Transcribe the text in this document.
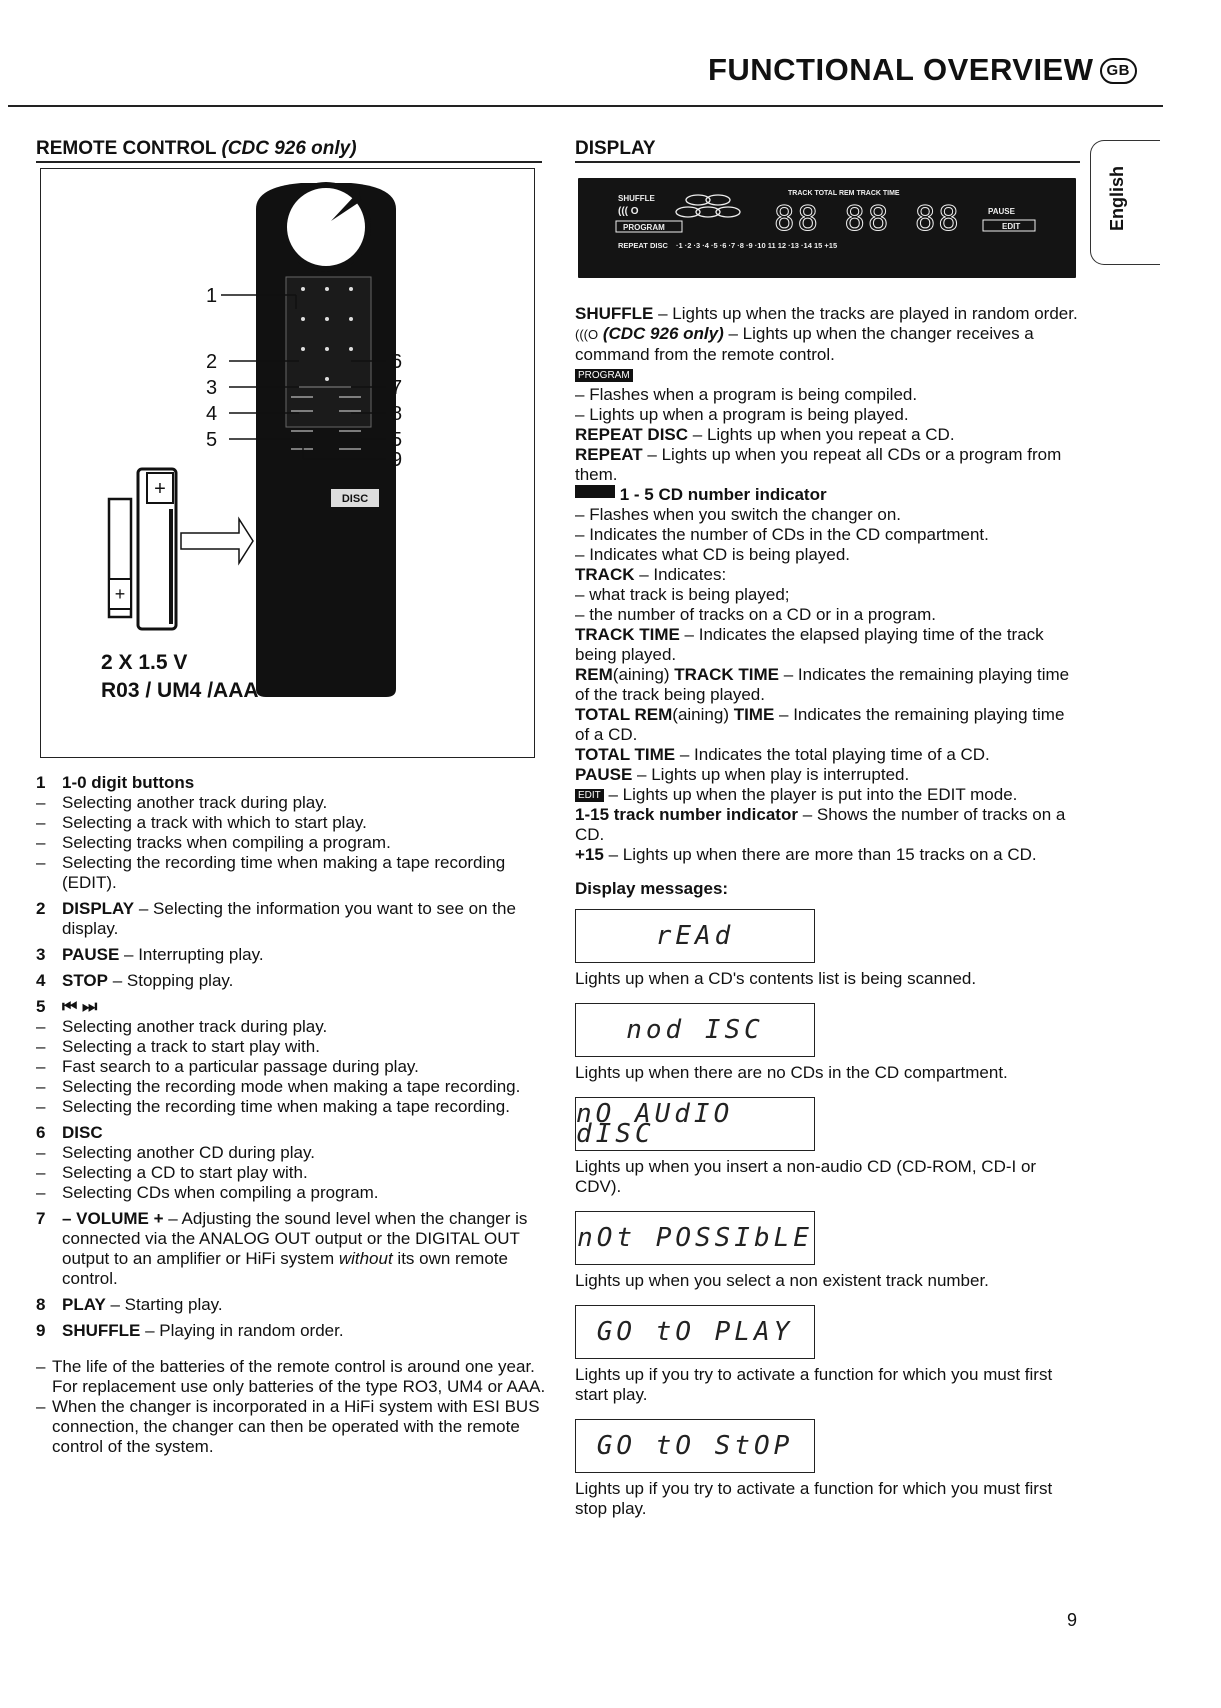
FUNCTIONAL OVERVIEW GB
English
REMOTE CONTROL (CDC 926 only)
DISC
1
2
3
4
5
6
7
8
5
9
+
+
2 X 1.5 V
R03 / UM4 /AAA
1 1-0 digit buttons
– Selecting another track during play.
– Selecting a track with which to start play.
– Selecting tracks when compiling a program.
– Selecting the recording time when making a tape recording (EDIT).
2 DISPLAY – Selecting the information you want to see on the display.
3 PAUSE – Interrupting play.
4 STOP – Stopping play.
5 ⏮ ⏭
– Selecting another track during play.
– Selecting a track to start play with.
– Fast search to a particular passage during play.
– Selecting the recording mode when making a tape recording.
– Selecting the recording time when making a tape recording.
6 DISC
– Selecting another CD during play.
– Selecting a CD to start play with.
– Selecting CDs when compiling a program.
7 – VOLUME + – Adjusting the sound level when the changer is connected via the ANALOG OUT output or the DIGITAL OUT output to an amplifier or HiFi system without its own remote control.
8 PLAY – Starting play.
9 SHUFFLE – Playing in random order.
– The life of the batteries of the remote control is around one year. For replacement use only batteries of the type RO3, UM4 or AAA.
– When the changer is incorporated in a HiFi system with ESI BUS connection, the changer can then be operated with the remote control of the system.
DISPLAY
SHUFFLE
((( O
PROGRAM
REPEAT DISC
TRACK TOTAL REM TRACK TIME
PAUSE
EDIT
·1 ·2 ·3 ·4 ·5 ·6 ·7 ·8 ·9 ·10 11 12 ·13 ·14 15 +15
88 88 88
SHUFFLE – Lights up when the tracks are played in random order.
(((O (CDC 926 only) – Lights up when the changer receives a command from the remote control.
PROGRAM
– Flashes when a program is being compiled.
– Lights up when a program is being played.
REPEAT DISC – Lights up when you repeat a CD.
REPEAT – Lights up when you repeat all CDs or a program from them.
1 - 5 CD number indicator
– Flashes when you switch the changer on.
– Indicates the number of CDs in the CD compartment.
– Indicates what CD is being played.
TRACK – Indicates:
– what track is being played;
– the number of tracks on a CD or in a program.
TRACK TIME – Indicates the elapsed playing time of the track being played.
REM(aining) TRACK TIME – Indicates the remaining playing time of the track being played.
TOTAL REM(aining) TIME – Indicates the remaining playing time of a CD.
TOTAL TIME – Indicates the total playing time of a CD.
PAUSE – Lights up when play is interrupted.
EDIT – Lights up when the player is put into the EDIT mode.
1-15 track number indicator – Shows the number of tracks on a CD.
+15 – Lights up when there are more than 15 tracks on a CD.
Display messages:
rEAd
Lights up when a CD's contents list is being scanned.
nod ISC
Lights up when there are no CDs in the CD compartment.
nO AUdIO dISC
Lights up when you insert a non-audio CD (CD-ROM, CD-I or CDV).
nOt POSSIbLE
Lights up when you select a non existent track number.
GO tO PLAY
Lights up if you try to activate a function for which you must first start play.
GO tO StOP
Lights up if you try to activate a function for which you must first stop play.
9
